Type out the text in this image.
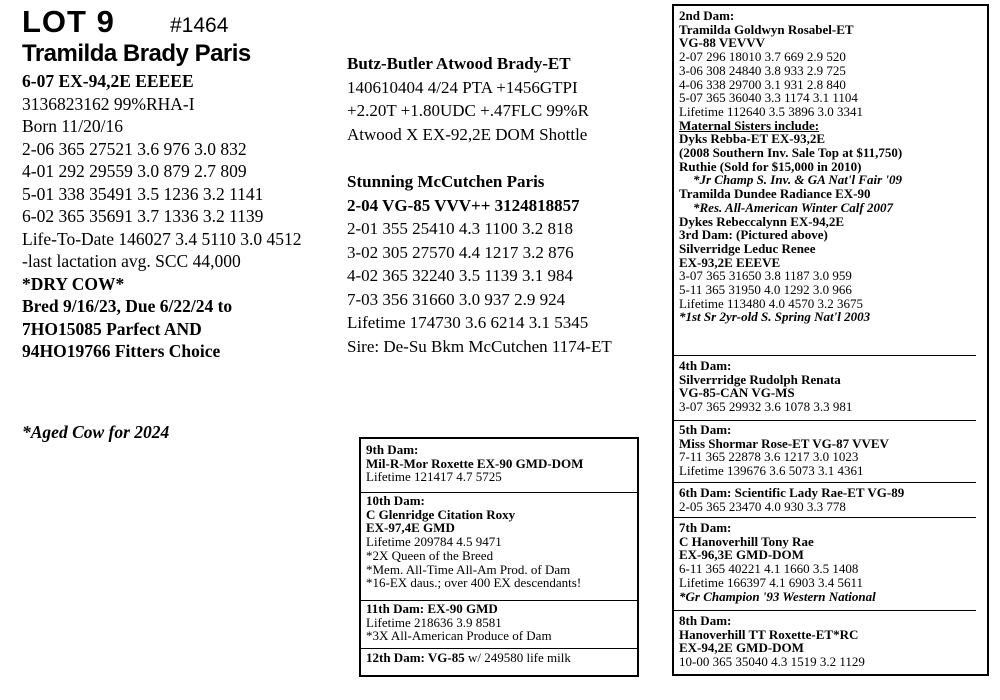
LOT 9	#1464
Tramilda Brady Paris
6-07 EX-94,2E EEEEE
3136823162 99%RHA-I
Born 11/20/16
2-06 365 27521 3.6 976 3.0 832
4-01 292 29559 3.0 879 2.7 809
5-01 338 35491 3.5 1236 3.2 1141
6-02 365 35691 3.7 1336 3.2 1139
Life-To-Date 146027 3.4 5110 3.0 4512
-last lactation avg. SCC 44,000
*DRY COW*
Bred 9/16/23, Due 6/22/24 to
7HO15085 Parfect AND
94HO19766 Fitters Choice
*Aged Cow for 2024
Butz-Butler Atwood Brady-ET
140610404 4/24 PTA +1456GTPI
+2.20T +1.80UDC +.47FLC 99%R
Atwood X EX-92,2E DOM Shottle
Stunning McCutchen Paris
2-04 VG-85 VVV++ 3124818857
2-01 355 25410 4.3 1100 3.2 818
3-02 305 27570 4.4 1217 3.2 876
4-02 365 32240 3.5 1139 3.1 984
7-03 356 31660 3.0 937 2.9 924
Lifetime 174730 3.6 6214 3.1 5345
Sire: De-Su Bkm McCutchen 1174-ET
2nd Dam:
Tramilda Goldwyn Rosabel-ET
VG-88 VEVVV
2-07 296 18010 3.7 669 2.9 520
3-06 308 24840 3.8 933 2.9 725
4-06 338 29700 3.1 931 2.8 840
5-07 365 36040 3.3 1174 3.1 1104
Lifetime 112640 3.5 3896 3.0 3341
Maternal Sisters include:
Dyks Rebba-ET EX-93,2E
(2008 Southern Inv. Sale Top at $11,750)
Ruthie (Sold for $15,000 in 2010)
*Jr Champ S. Inv. & GA Nat'l Fair '09
Tramilda Dundee Radiance EX-90
*Res. All-American Winter Calf 2007
Dykes Rebeccalynn EX-94,2E
3rd Dam: (Pictured above)
Silverridge Leduc Renee
EX-93,2E EEEVE
3-07 365 31650 3.8 1187 3.0 959
5-11 365 31950 4.0 1292 3.0 966
Lifetime 113480 4.0 4570 3.2 3675
*1st Sr 2yr-old S. Spring Nat'l 2003
4th Dam:
Silverrridge Rudolph Renata
VG-85-CAN VG-MS
3-07 365 29932 3.6 1078 3.3 981
5th Dam:
Miss Shormar Rose-ET VG-87 VVEV
7-11 365 22878 3.6 1217 3.0 1023
Lifetime 139676 3.6 5073 3.1 4361
6th Dam: Scientific Lady Rae-ET VG-89
2-05 365 23470 4.0 930 3.3 778
7th Dam:
C Hanoverhill Tony Rae
EX-96,3E GMD-DOM
6-11 365 40221 4.1 1660 3.5 1408
Lifetime 166397 4.1 6903 3.4 5611
*Gr Champion '93 Western National
8th Dam:
Hanoverhill TT Roxette-ET*RC
EX-94,2E GMD-DOM
10-00 365 35040 4.3 1519 3.2 1129
9th Dam:
Mil-R-Mor Roxette EX-90 GMD-DOM
Lifetime 121417 4.7 5725
10th Dam:
C Glenridge Citation Roxy
EX-97,4E GMD
Lifetime 209784 4.5 9471
*2X Queen of the Breed
*Mem. All-Time All-Am Prod. of Dam
*16-EX daus.; over 400 EX descendants!
11th Dam: EX-90 GMD
Lifetime 218636 3.9 8581
*3X All-American Produce of Dam
12th Dam: VG-85 w/ 249580 life milk
